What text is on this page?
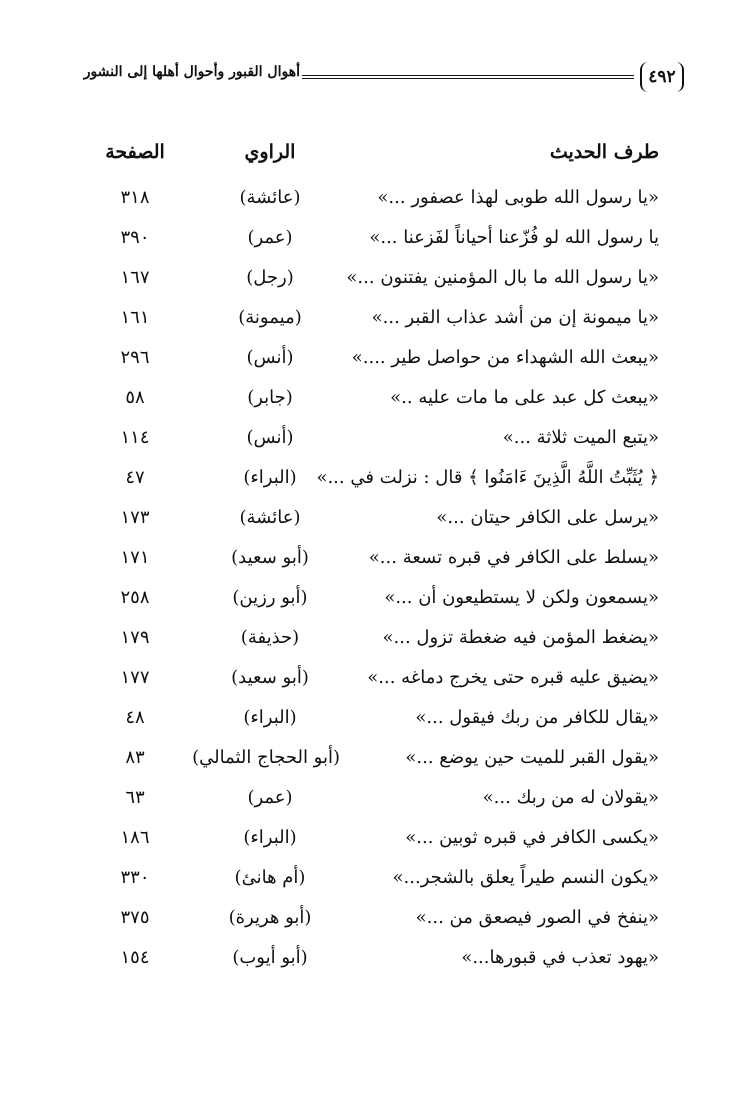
أهوال القبور وأحوال أهلها إلى النشور	٤٩٢
طرف الحديث
الراوي
الصفحة
«يا رسول الله طوبى لهذا عصفور ...»
(عائشة)
٣١٨
يا رسول الله لو فُزّعنا أحياناً لفَزعنا ...»
(عمر)
٣٩٠
«يا رسول الله ما بال المؤمنين يفتنون ...»
(رجل)
١٦٧
«يا ميمونة إن من أشد عذاب القبر ...»
(ميمونة)
١٦١
«يبعث الله الشهداء من حواصل طير ....»
(أنس)
٢٩٦
«يبعث كل عبد على ما مات عليه ..»
(جابر)
٥٨
«يتبع الميت ثلاثة ...»
(أنس)
١١٤
﴿ يُثَبِّتُ اللَّهُ الَّذِينَ ءَامَنُوا ﴾ قال : نزلت في ...»
(البراء)
٤٧
«يرسل على الكافر حيتان ...»
(عائشة)
١٧٣
«يسلط على الكافر في قبره تسعة ...»
(أبو سعيد)
١٧١
«يسمعون ولكن لا يستطيعون أن ...»
(أبو رزين)
٢٥٨
«يضغط المؤمن فيه ضغطة تزول ...»
(حذيفة)
١٧٩
«يضيق عليه قبره حتى يخرج دماغه ...»
(أبو سعيد)
١٧٧
«يقال للكافر من ربك فيقول ...»
(البراء)
٤٨
«يقول القبر للميت حين يوضع ...»
(أبو الحجاج الثمالي)
٨٣
«يقولان له من ربك ...»
(عمر)
٦٣
«يكسى الكافر في قبره ثوبين ...»
(البراء)
١٨٦
«يكون النسم طيراً يعلق بالشجر...»
(أم هانئ)
٣٣٠
«ينفخ في الصور فيصعق من ...»
(أبو هريرة)
٣٧٥
«يهود تعذب في قبورها...»
(أبو أيوب)
١٥٤
